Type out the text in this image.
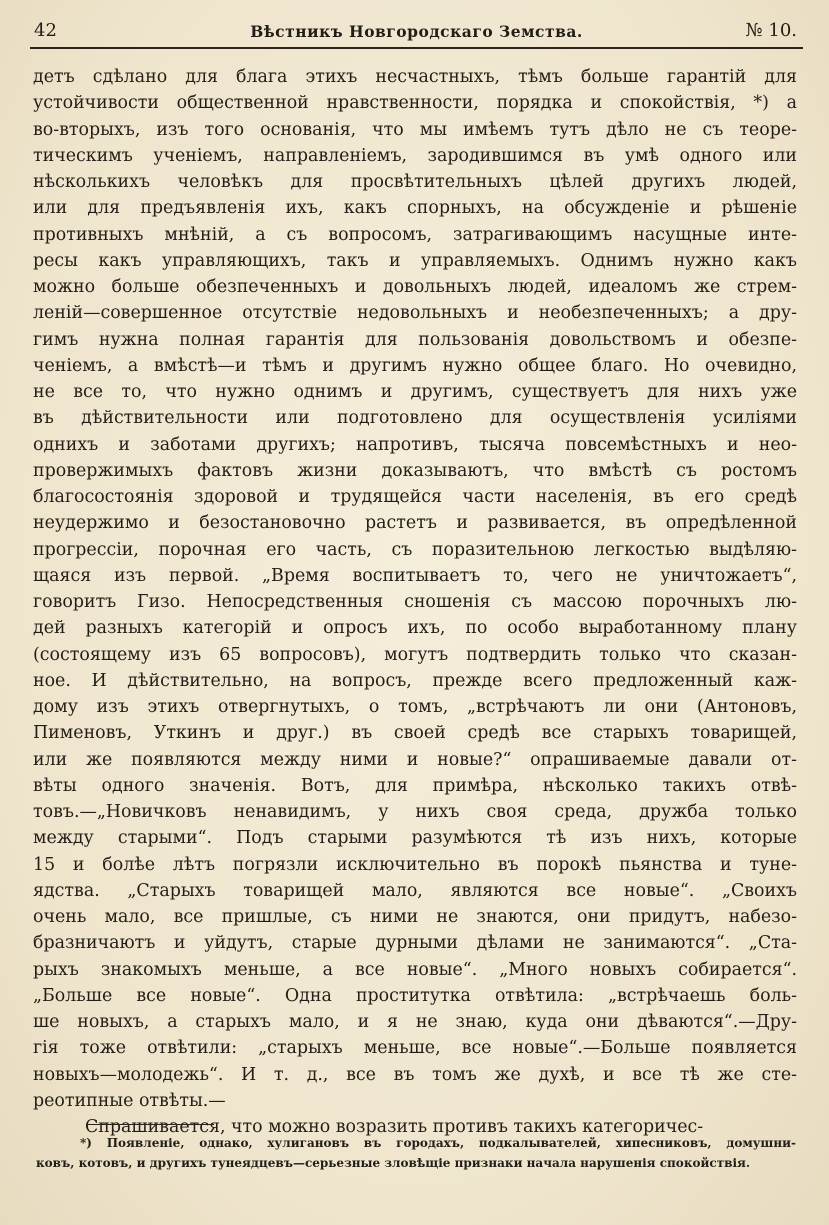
42	Вѣстникъ Новгородскаго Земства.	№ 10.
детъ сдѣлано для блага этихъ несчастныхъ, тѣмъ больше гарантій для
устойчивости общественной нравственности, порядка и спокойствія, *) а
во-вторыхъ, изъ того основанія, что мы имѣемъ тутъ дѣло не съ теоре-
тическимъ ученіемъ, направленіемъ, зародившимся въ умѣ одного или
нѣсколькихъ человѣкъ для просвѣтительныхъ цѣлей другихъ людей,
или для предъявленія ихъ, какъ спорныхъ, на обсужденіе и рѣшеніе
противныхъ мнѣній, а съ вопросомъ, затрагивающимъ насущные инте-
ресы какъ управляющихъ, такъ и управляемыхъ. Однимъ нужно какъ
можно больше обезпеченныхъ и довольныхъ людей, идеаломъ же стрем-
леній—совершенное отсутствіе недовольныхъ и необезпеченныхъ; а дру-
гимъ нужна полная гарантія для пользованія довольствомъ и обезпе-
ченіемъ, а вмѣстѣ—и тѣмъ и другимъ нужно общее благо. Но очевидно,
не все то, что нужно однимъ и другимъ, существуетъ для нихъ уже
въ дѣйствительности или подготовлено для осуществленія усиліями
однихъ и заботами другихъ; напротивъ, тысяча повсемѣстныхъ и нео-
провержимыхъ фактовъ жизни доказываютъ, что вмѣстѣ съ ростомъ
благосостоянія здоровой и трудящейся части населенія, въ его средѣ
неудержимо и безостановочно растетъ и развивается, въ опредѣленной
прогрессіи, порочная его часть, съ поразительною легкостью выдѣляю-
щаяся изъ первой. „Время воспитываетъ то, чего не уничтожаетъ“,
говоритъ Гизо. Непосредственныя сношенія съ массою порочныхъ лю-
дей разныхъ категорій и опросъ ихъ, по особо выработанному плану
(состоящему изъ 65 вопросовъ), могутъ подтвердить только что сказан-
ное. И дѣйствительно, на вопросъ, прежде всего предложенный каж-
дому изъ этихъ отвергнутыхъ, о томъ, „встрѣчаютъ ли они (Антоновъ,
Пименовъ, Уткинъ и друг.) въ своей средѣ все старыхъ товарищей,
или же появляются между ними и новые?“ опрашиваемые давали от-
вѣты одного значенія. Вотъ, для примѣра, нѣсколько такихъ отвѣ-
товъ.—„Новичковъ ненавидимъ, у нихъ своя среда, дружба только
между старыми“. Подъ старыми разумѣются тѣ изъ нихъ, которые
15 и болѣе лѣтъ погрязли исключительно въ порокѣ пьянства и туне-
ядства. „Старыхъ товарищей мало, являются все новые“. „Своихъ
очень мало, все пришлые, съ ними не знаются, они придутъ, набезо-
бразничаютъ и уйдутъ, старые дурными дѣлами не занимаются“. „Ста-
рыхъ знакомыхъ меньше, а все новые“. „Много новыхъ собирается“.
„Больше все новые“. Одна проститутка отвѣтила: „встрѣчаешь боль-
ше новыхъ, а старыхъ мало, и я не знаю, куда они дѣваются“.—Дру-
гія тоже отвѣтили: „старыхъ меньше, все новые“.—Больше появляется
новыхъ—молодежь“. И т. д., все въ томъ же духѣ, и все тѣ же сте-
реотипные отвѣты.—
Спрашивается, что можно возразить противъ такихъ категоричес-
*) Появленіе, однако, хулигановъ въ городахъ, подкалывателей, хипесниковъ, домушни-
ковъ, котовъ, и другихъ тунеядцевъ—серьезные зловѣщіе признаки начала нарушенія спокойствія.
